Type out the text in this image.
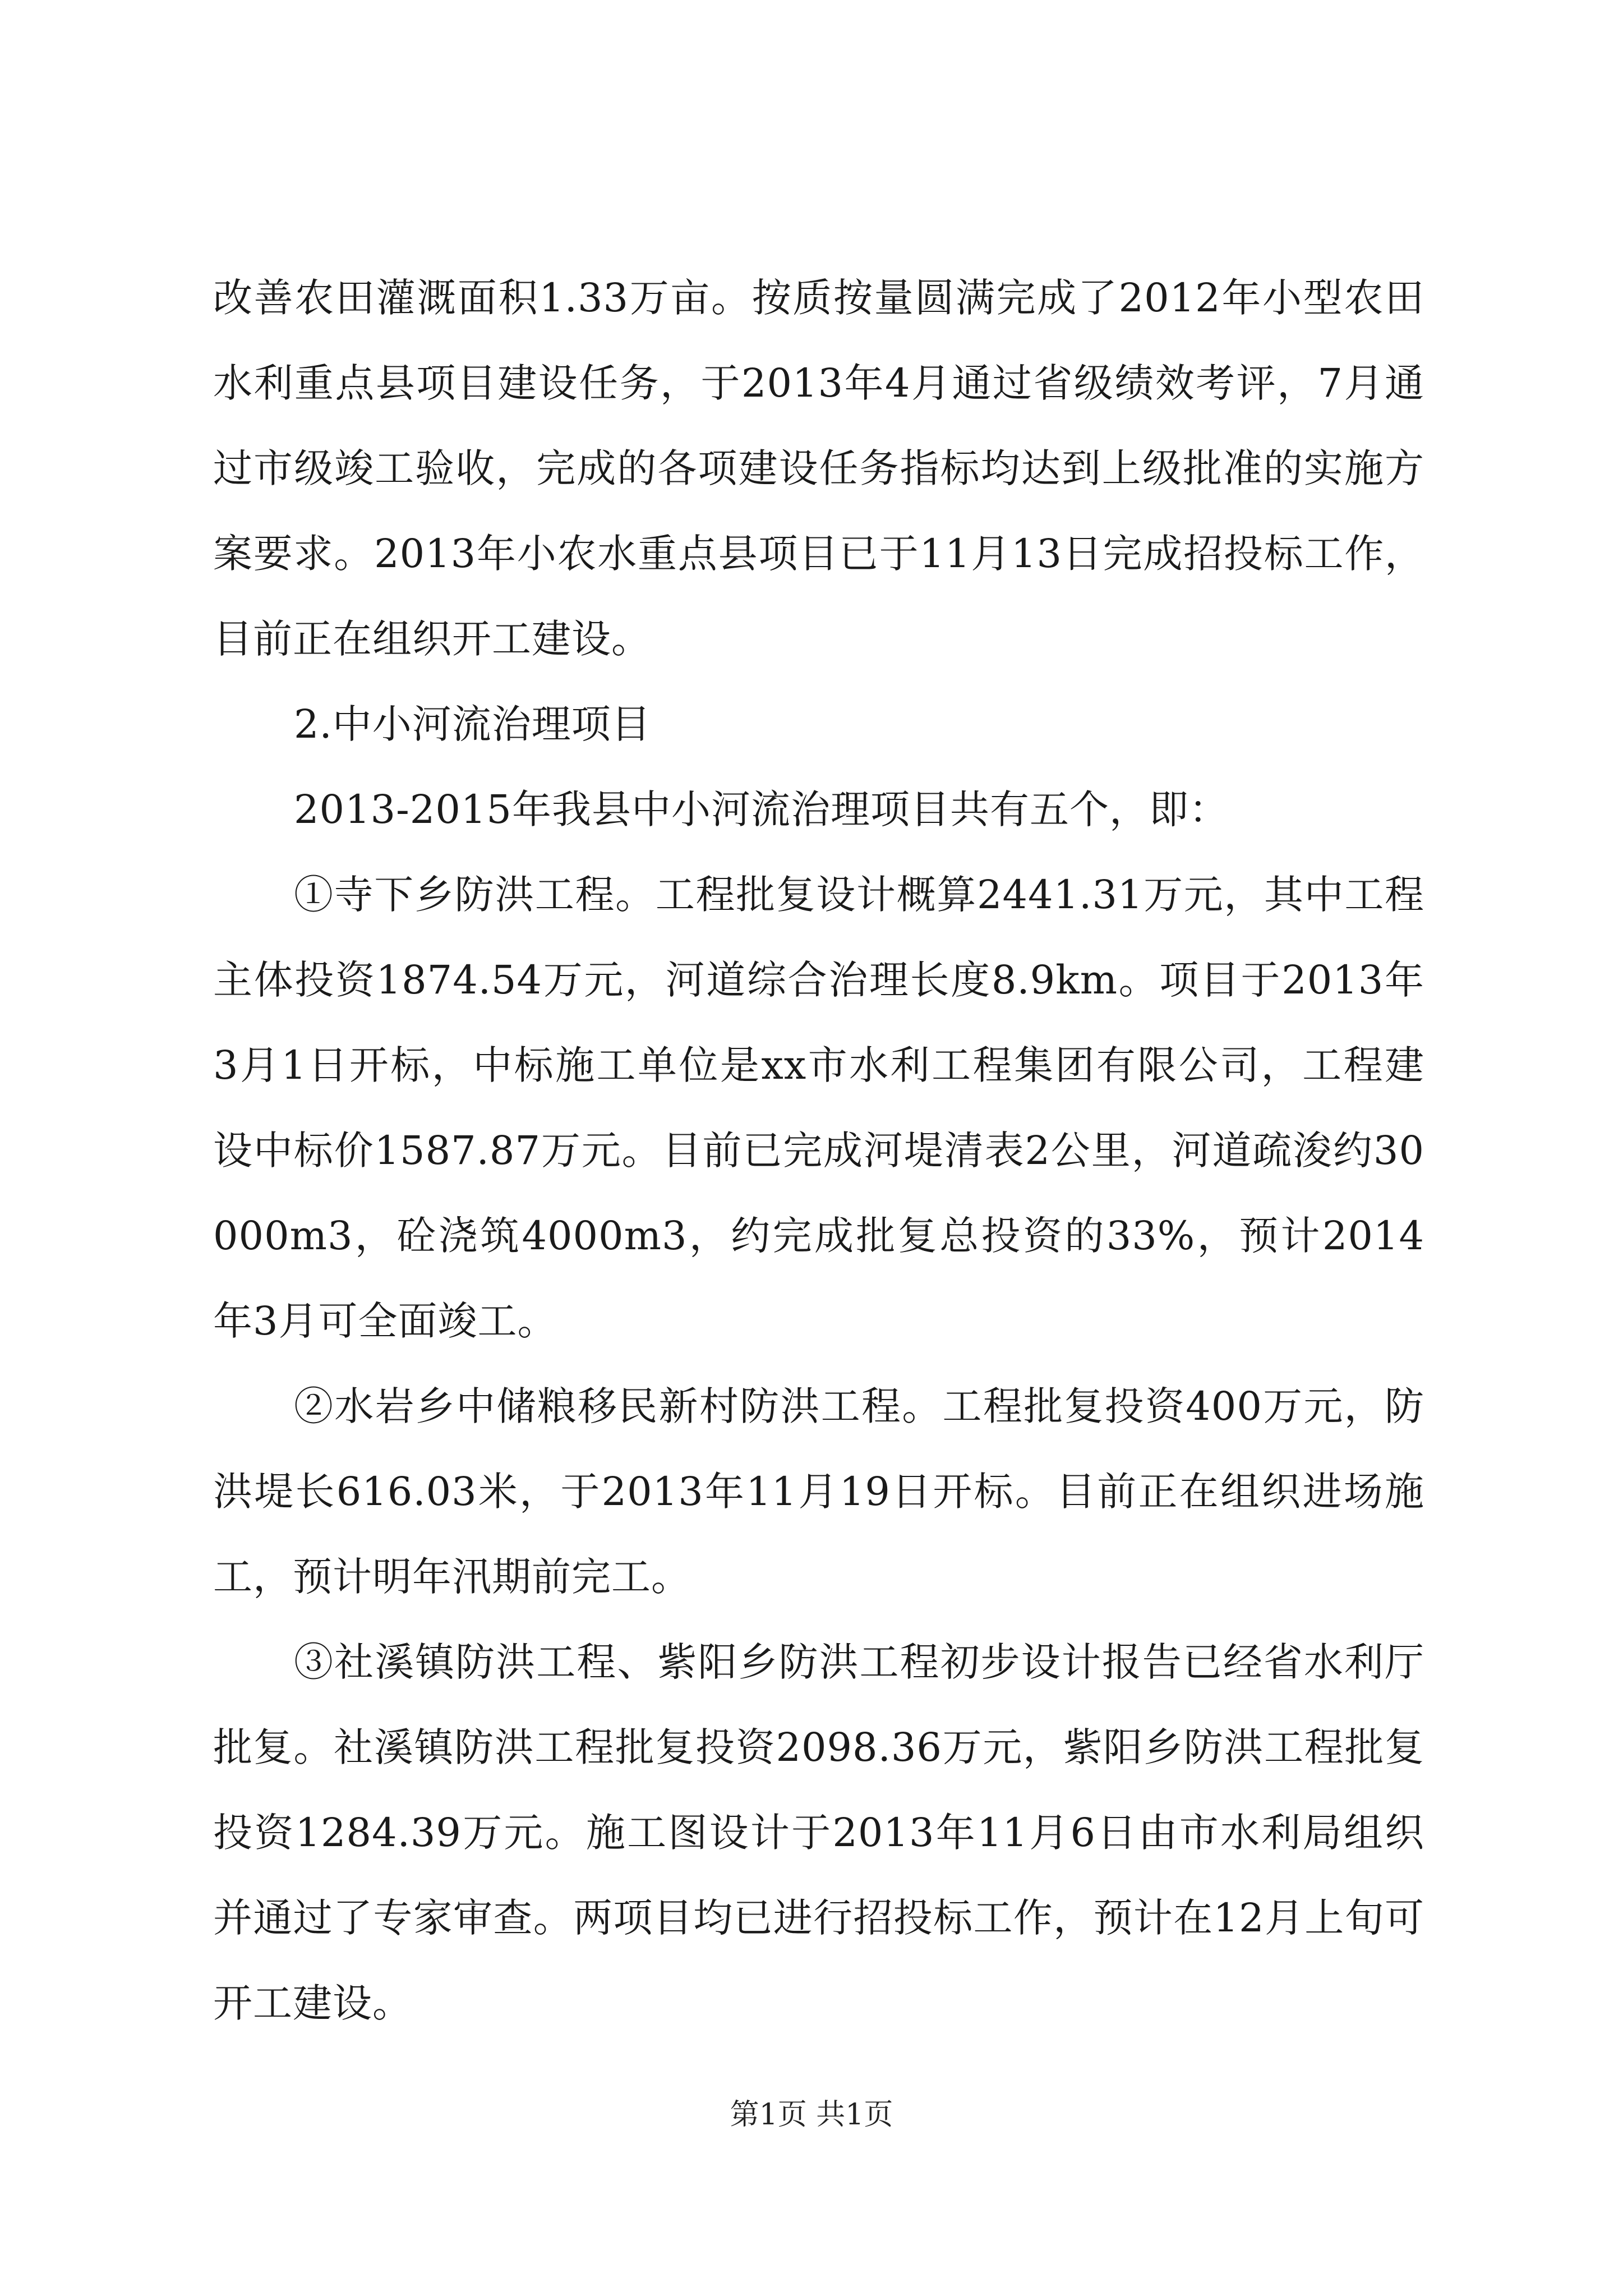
改善农田灌溉面积1.33万亩。按质按量圆满完成了2012年小型农田水利重点县项目建设任务，于2013年4月通过省级绩效考评，7月通过市级竣工验收，完成的各项建设任务指标均达到上级批准的实施方案要求。2013年小农水重点县项目已于11月13日完成招投标工作，目前正在组织开工建设。

2.中小河流治理项目

2013-2015年我县中小河流治理项目共有五个，即：

①寺下乡防洪工程。工程批复设计概算2441.31万元，其中工程主体投资1874.54万元，河道综合治理长度8.9km。项目于2013年3月1日开标，中标施工单位是xx市水利工程集团有限公司，工程建设中标价1587.87万元。目前已完成河堤清表2公里，河道疏浚约30000m3，砼浇筑4000m3，约完成批复总投资的33%，预计2014年3月可全面竣工。

②水岩乡中储粮移民新村防洪工程。工程批复投资400万元，防洪堤长616.03米，于2013年11月19日开标。目前正在组织进场施工，预计明年汛期前完工。

③社溪镇防洪工程、紫阳乡防洪工程初步设计报告已经省水利厅批复。社溪镇防洪工程批复投资2098.36万元，紫阳乡防洪工程批复投资1284.39万元。施工图设计于2013年11月6日由市水利局组织并通过了专家审查。两项目均已进行招投标工作，预计在12月上旬可开工建设。

第1页 共1页
